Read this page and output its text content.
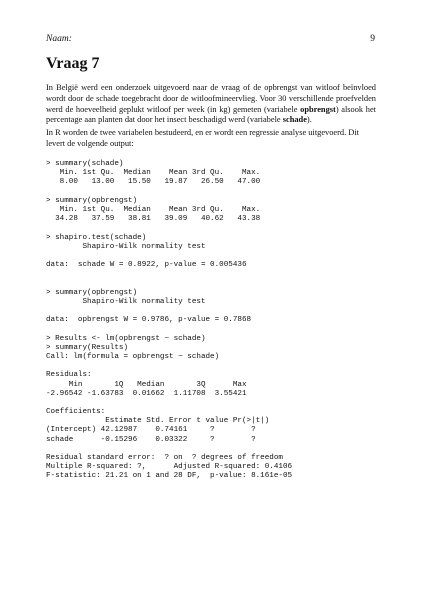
Naam:	9
Vraag 7

In België werd een onderzoek uitgevoerd naar de vraag of de opbrengst van witloof beïnvloed wordt door de schade toegebracht door de witloofmineervlieg. Voor 30 verschillende proefvelden werd de hoeveelheid geplukt witloof per week (in kg) gemeten (variabele opbrengst) alsook het percentage aan planten dat door het insect beschadigd werd (variabele schade).

In R worden de twee variabelen bestudeerd, en er wordt een regressie analyse uitgevoerd. Dit levert de volgende output:

> summary(schade)
Min. 1st Qu.  Median    Mean 3rd Qu.    Max.
8.00   13.00   15.50   19.87   26.50   47.00
> summary(opbrengst)
Min. 1st Qu.  Median    Mean 3rd Qu.    Max.
34.28   37.59   38.81   39.09   40.62   43.38
> shapiro.test(schade)
Shapiro-Wilk normality test
data:  schade W = 0.8922, p-value = 0.005436
> summary(opbrengst)
Shapiro-Wilk normality test
data:  opbrengst W = 0.9786, p-value = 0.7868
> Results <- lm(opbrengst ~ schade)
> summary(Results)
Call: lm(formula = opbrengst ~ schade)
Residuals:
Min       1Q   Median       3Q      Max
-2.96542 -1.63783  0.01662  1.11708  3.55421
Coefficients:
Estimate Std. Error t value Pr(>|t|)
(Intercept) 42.12987    0.74161     ?        ?
schade      -0.15296    0.03322     ?        ?
Residual standard error:  ? on  ? degrees of freedom
Multiple R-squared: ?,      Adjusted R-squared: 0.4106
F-statistic: 21.21 on 1 and 28 DF,  p-value: 8.161e-05
